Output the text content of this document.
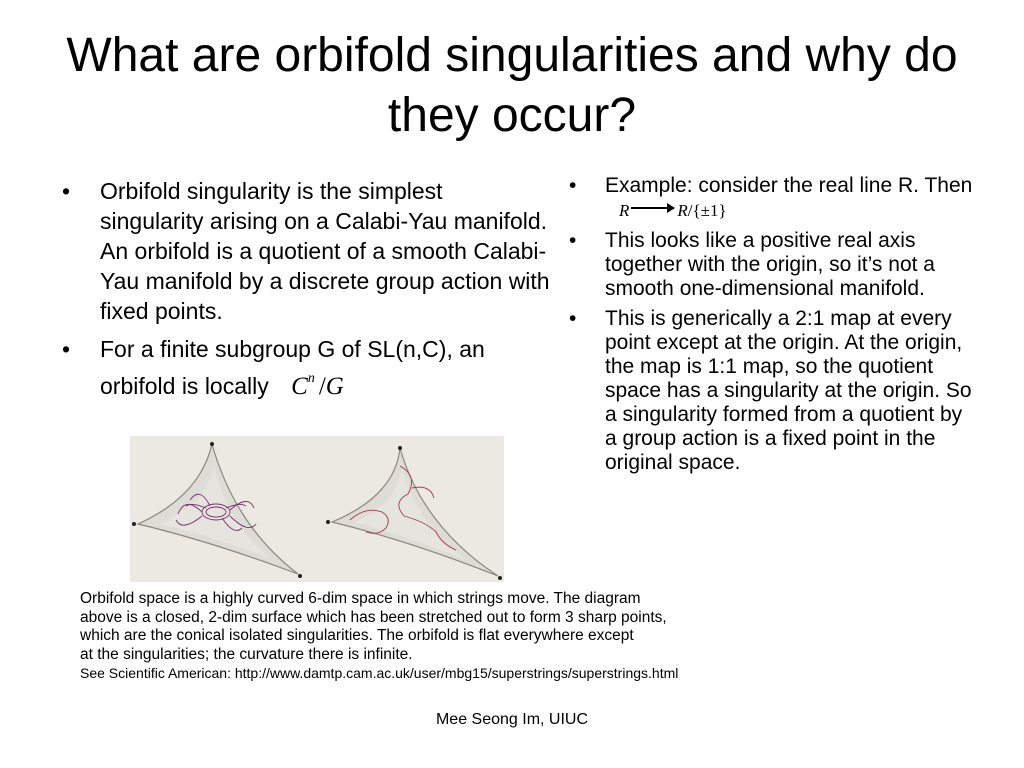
What are orbifold singularities and why do they occur?
• Orbifold singularity is the simplest singularity arising on a Calabi-Yau manifold. An orbifold is a quotient of a smooth Calabi-Yau manifold by a discrete group action with fixed points.
• For a finite subgroup G of SL(n,C), an orbifold is locally $C^n$ /G
• Example: consider the real line R. Then R	R/{±1}
• This looks like a positive real axis together with the origin, so it’s not a smooth one-dimensional manifold.
• This is generically a 2:1 map at every point except at the origin. At the origin, the map is 1:1 map, so the quotient space has a singularity at the origin. So a singularity formed from a quotient by a group action is a fixed point in the original space.

Orbifold space is a highly curved 6-dim space in which strings move. The diagram

above is a closed, 2-dim surface which has been stretched out to form 3 sharp points,

which are the conical isolated singularities. The orbifold is flat everywhere except

at the singularities; the curvature there is infinite.

See Scientific American: http://www.damtp.cam.ac.uk/user/mbg15/superstrings/superstrings.html

Mee Seong Im, UIUC
